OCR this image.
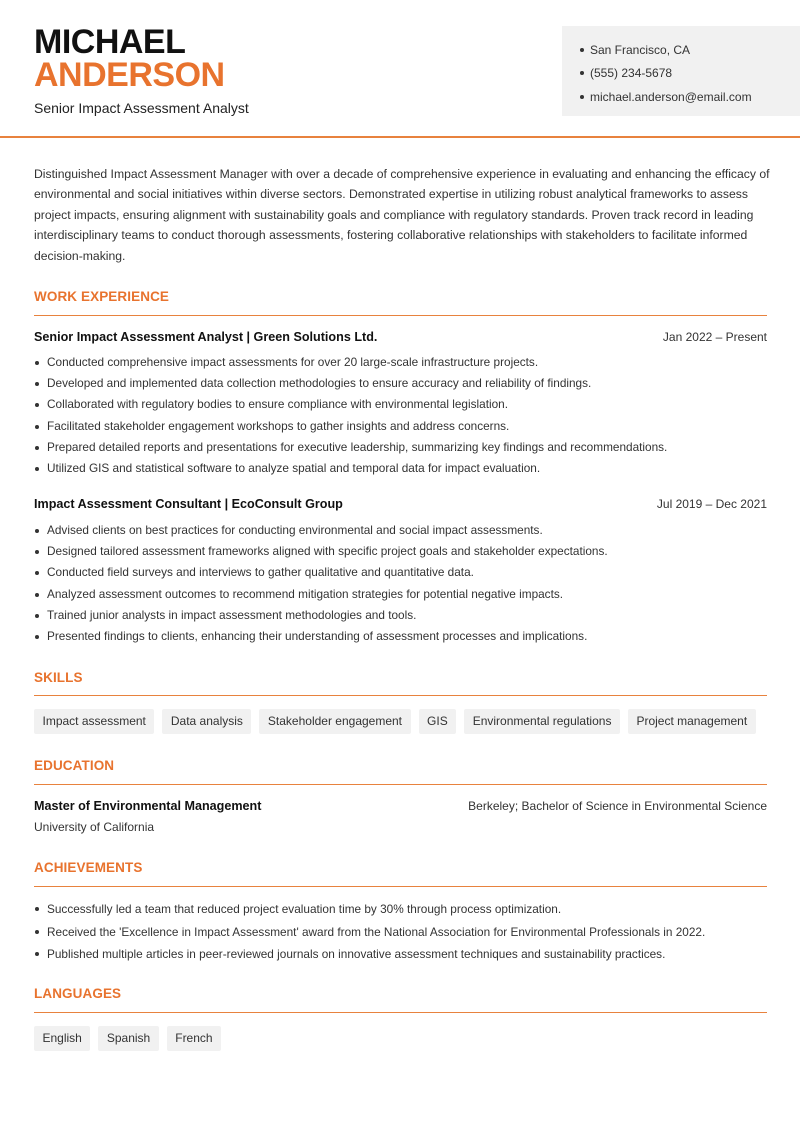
MICHAEL
ANDERSON
Senior Impact Assessment Analyst
San Francisco, CA
(555) 234-5678
michael.anderson@email.com

Distinguished Impact Assessment Manager with over a decade of comprehensive experience in evaluating and enhancing the efficacy of environmental and social initiatives within diverse sectors. Demonstrated expertise in utilizing robust analytical frameworks to assess project impacts, ensuring alignment with sustainability goals and compliance with regulatory standards. Proven track record in leading interdisciplinary teams to conduct thorough assessments, fostering collaborative relationships with stakeholders to facilitate informed decision-making.

WORK EXPERIENCE
Senior Impact Assessment Analyst | Green Solutions Ltd.	Jan 2022 – Present
Conducted comprehensive impact assessments for over 20 large-scale infrastructure projects.
Developed and implemented data collection methodologies to ensure accuracy and reliability of findings.
Collaborated with regulatory bodies to ensure compliance with environmental legislation.
Facilitated stakeholder engagement workshops to gather insights and address concerns.
Prepared detailed reports and presentations for executive leadership, summarizing key findings and recommendations.
Utilized GIS and statistical software to analyze spatial and temporal data for impact evaluation.
Impact Assessment Consultant | EcoConsult Group	Jul 2019 – Dec 2021
Advised clients on best practices for conducting environmental and social impact assessments.
Designed tailored assessment frameworks aligned with specific project goals and stakeholder expectations.
Conducted field surveys and interviews to gather qualitative and quantitative data.
Analyzed assessment outcomes to recommend mitigation strategies for potential negative impacts.
Trained junior analysts in impact assessment methodologies and tools.
Presented findings to clients, enhancing their understanding of assessment processes and implications.
SKILLS
Impact assessment	Data analysis	Stakeholder engagement	GIS	Environmental regulations	Project management
EDUCATION
Master of Environmental Management	Berkeley; Bachelor of Science in Environmental Science
University of California
ACHIEVEMENTS
Successfully led a team that reduced project evaluation time by 30% through process optimization.
Received the 'Excellence in Impact Assessment' award from the National Association for Environmental Professionals in 2022.
Published multiple articles in peer-reviewed journals on innovative assessment techniques and sustainability practices.
LANGUAGES
English	Spanish	French
